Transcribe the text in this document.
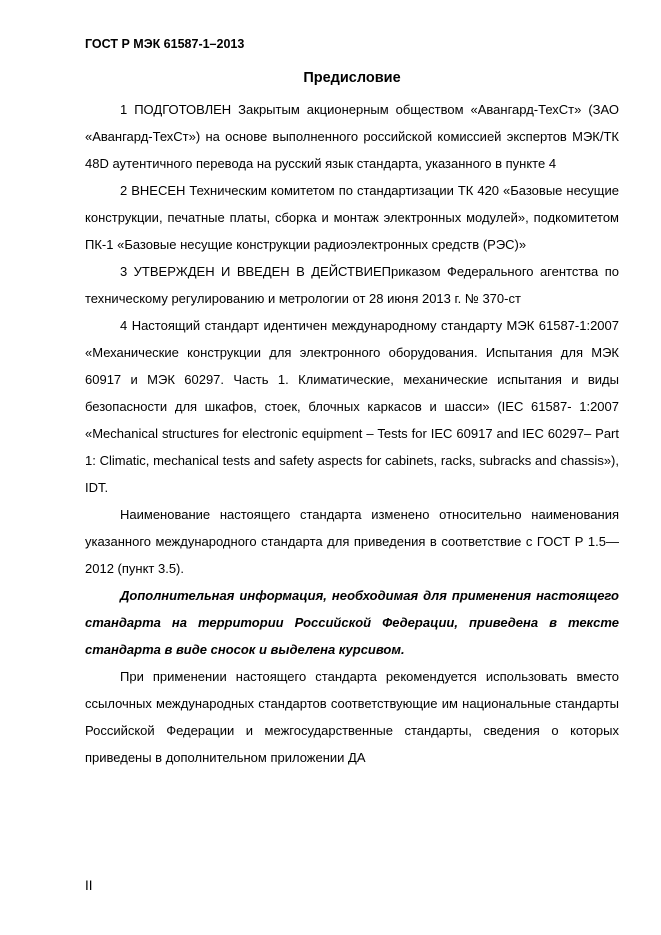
ГОСТ Р МЭК 61587-1–2013
Предисловие

1 ПОДГОТОВЛЕН Закрытым акционерным обществом «Авангард-ТехСт» (ЗАО «Авангард-ТехСт») на основе выполненного российской комиссией экспертов МЭК/ТК 48D аутентичного перевода на русский язык стандарта, указанного в пункте 4

2 ВНЕСЕН Техническим комитетом по стандартизации ТК 420 «Базовые несущие конструкции, печатные платы, сборка и монтаж электронных модулей», подкомитетом ПК-1 «Базовые несущие конструкции радиоэлектронных средств (РЭС)»

3 УТВЕРЖДЕН И ВВЕДЕН В ДЕЙСТВИЕПриказом Федерального агентства по техническому регулированию и метрологии от 28 июня 2013 г. № 370-ст

4 Настоящий стандарт идентичен международному стандарту МЭК 61587-1:2007 «Механические конструкции для электронного оборудования. Испытания для МЭК 60917 и МЭК 60297. Часть 1. Климатические, механические испытания и виды безопасности для шкафов, стоек, блочных каркасов и шасси» (IEC 61587- 1:2007 «Mechanical structures for electronic equipment – Tests for IEC 60917 and IEC 60297– Part 1: Climatic, mechanical tests and safety aspects for cabinets, racks, subracks and chassis»), IDT.

Наименование настоящего стандарта изменено относительно наименования указанного международного стандарта для приведения в соответствие с ГОСТ Р 1.5—2012 (пункт 3.5).

Дополнительная информация, необходимая для применения настоящего стандарта на территории Российской Федерации, приведена в тексте стандарта в виде сносок и выделена курсивом.

При применении настоящего стандарта рекомендуется использовать вместо ссылочных международных стандартов соответствующие им национальные стандарты Российской Федерации и межгосударственные стандарты, сведения о которых приведены в дополнительном приложении ДА

II
